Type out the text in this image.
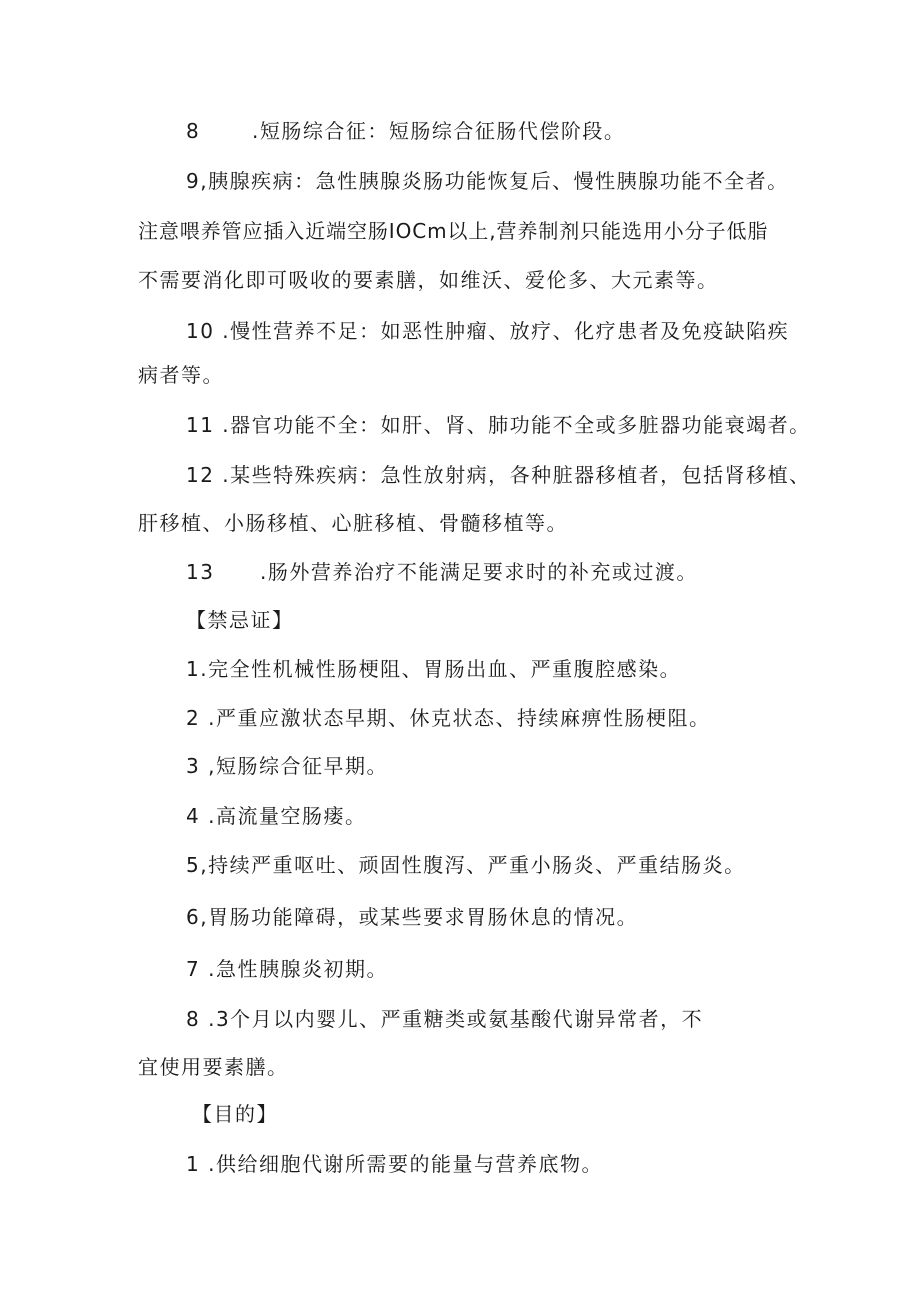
8	.短肠综合征：短肠综合征肠代偿阶段。
9,胰腺疾病：急性胰腺炎肠功能恢复后、慢性胰腺功能不全者。
注意喂养管应插入近端空肠IOCm以上,营养制剂只能选用小分子低脂
不需要消化即可吸收的要素膳，如维沃、爱伦多、大元素等。
10 .慢性营养不足：如恶性肿瘤、放疗、化疗患者及免疫缺陷疾
病者等。
11 .器官功能不全：如肝、肾、肺功能不全或多脏器功能衰竭者。
12 .某些特殊疾病：急性放射病，各种脏器移植者，包括肾移植、
肝移植、小肠移植、心脏移植、骨髓移植等。
13 .肠外营养治疗不能满足要求时的补充或过渡。
【禁忌证】
1.完全性机械性肠梗阻、胃肠出血、严重腹腔感染。
2 .严重应激状态早期、休克状态、持续麻痹性肠梗阻。
3 ,短肠综合征早期。
4 .高流量空肠瘘。
5,持续严重呕吐、顽固性腹泻、严重小肠炎、严重结肠炎。
6,胃肠功能障碍，或某些要求胃肠休息的情况。
7 .急性胰腺炎初期。
8 .3个月以内婴儿、严重糖类或氨基酸代谢异常者，不
宜使用要素膳。
【目的】
1 .供给细胞代谢所需要的能量与营养底物。
